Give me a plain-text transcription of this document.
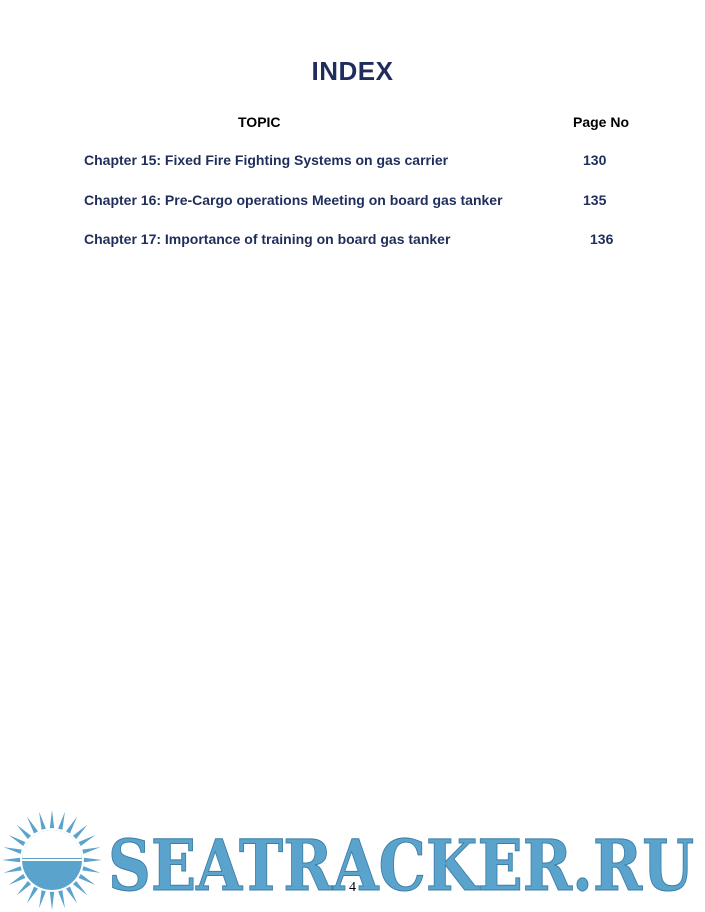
INDEX
TOPIC	Page No
Chapter 15: Fixed Fire Fighting Systems on gas carrier	130
Chapter 16: Pre-Cargo operations Meeting on board gas tanker	135
Chapter 17: Importance of training on board gas tanker	136
SEATRACKER.RU
4
